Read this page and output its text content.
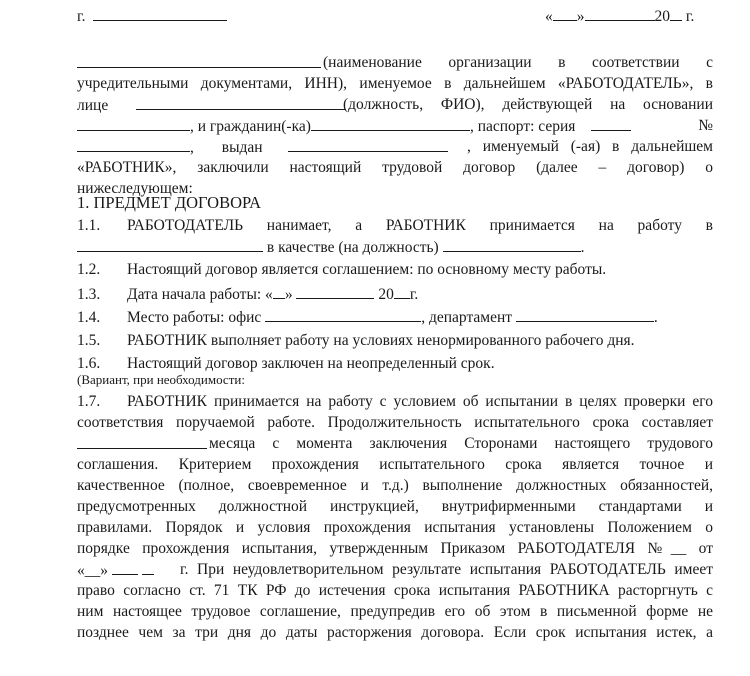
г.	« »	20 г.
(наименование организации в соответствии с
учредительными документами, ИНН), именуемое в дальнейшем «РАБОТОДАТЕЛЬ», в
лице	(должность, ФИО), действующей на основании
, и гражданин(-ка)	, паспорт: серия	№
, выдан	, именуемый (-ая) в дальнейшем
«РАБОТНИК», заключили настоящий трудовой договор (далее – договор) о
нижеследующем:
1. ПРЕДМЕТ ДОГОВОРА
1.1. РАБОТОДАТЕЛЬ нанимает, а РАБОТНИК принимается на работу в
в качестве (на должность)	.
1.2. Настоящий договор является соглашением: по основному месту работы.
1.3. Дата начала работы: « »	20 г.
1.4. Место работы: офис	, департамент	.
1.5. РАБОТНИК выполняет работу на условиях ненормированного рабочего дня.
1.6. Настоящий договор заключен на неопределенный срок.
(Вариант, при необходимости:
1.7. РАБОТНИК принимается на работу с условием об испытании в целях проверки его
соответствия поручаемой работе. Продолжительность испытательного срока составляет
месяца с момента заключения Сторонами настоящего трудового
соглашения. Критерием прохождения испытательного срока является точное и
качественное (полное, своевременное и т.д.) выполнение должностных обязанностей,
предусмотренных должностной инструкцией, внутрифирменными стандартами и
правилами. Порядок и условия прохождения испытания установлены Положением о
порядке прохождения испытания, утвержденным Приказом РАБОТОДАТЕЛЯ №__ от
«__»	г. При неудовлетворительном результате испытания РАБОТОДАТЕЛЬ имеет
право согласно ст. 71 ТК РФ до истечения срока испытания РАБОТНИКА расторгнуть с
ним настоящее трудовое соглашение, предупредив его об этом в письменной форме не
позднее чем за три дня до даты расторжения договора. Если срок испытания истек, а
